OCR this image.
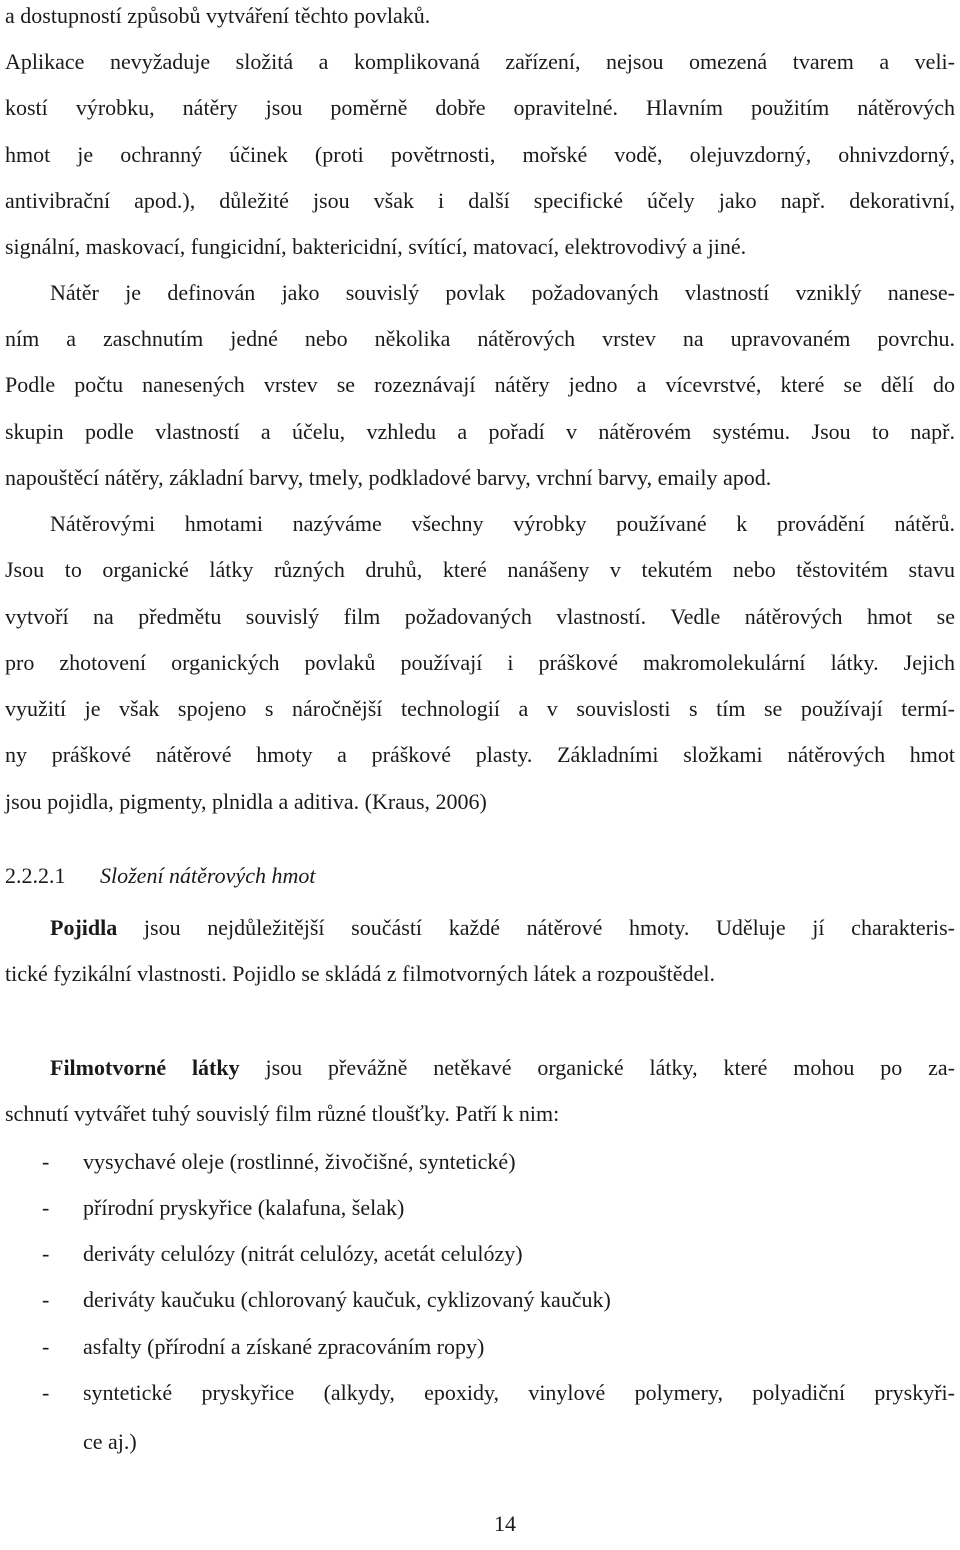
a dostupností způsobů vytváření těchto povlaků.
Aplikace nevyžaduje složitá a komplikovaná zařízení, nejsou omezená tvarem a veli-
kostí výrobku, nátěry jsou poměrně dobře opravitelné. Hlavním použitím nátěrových
hmot je ochranný účinek (proti povětrnosti, mořské vodě, olejuvzdorný, ohnivzdorný,
antivibrační apod.), důležité jsou však i další specifické účely jako např. dekorativní,
signální, maskovací, fungicidní, baktericidní, svítící, matovací, elektrovodivý a jiné.
Nátěr je definován jako souvislý povlak požadovaných vlastností vzniklý nanese-
ním a zaschnutím jedné nebo několika nátěrových vrstev na upravovaném povrchu.
Podle počtu nanesených vrstev se rozeznávají nátěry jedno a vícevrstvé, které se dělí do
skupin podle vlastností a účelu, vzhledu a pořadí v nátěrovém systému. Jsou to např.
napouštěcí nátěry, základní barvy, tmely, podkladové barvy, vrchní barvy, emaily apod.
Nátěrovými hmotami nazýváme všechny výrobky používané k provádění nátěrů.
Jsou to organické látky různých druhů, které nanášeny v tekutém nebo těstovitém stavu
vytvoří na předmětu souvislý film požadovaných vlastností. Vedle nátěrových hmot se
pro zhotovení organických povlaků používají i práškové makromolekulární látky. Jejich
využití je však spojeno s náročnější technologií a v souvislosti s tím se používají termí-
ny práškové nátěrové hmoty a práškové plasty. Základními složkami nátěrových hmot
jsou pojidla, pigmenty, plnidla a aditiva. (Kraus, 2006)
2.2.2.1 Složení nátěrových hmot
Pojidla jsou nejdůležitější součástí každé nátěrové hmoty. Uděluje jí charakteris-
tické fyzikální vlastnosti. Pojidlo se skládá z filmotvorných látek a rozpouštědel.
Filmotvorné látky jsou převážně netěkavé organické látky, které mohou po za-
schnutí vytvářet tuhý souvislý film různé tloušťky. Patří k nim:
- vysychavé oleje (rostlinné, živočišné, syntetické)
- přírodní pryskyřice (kalafuna, šelak)
- deriváty celulózy (nitrát celulózy, acetát celulózy)
- deriváty kaučuku (chlorovaný kaučuk, cyklizovaný kaučuk)
- asfalty (přírodní a získané zpracováním ropy)
- syntetické pryskyřice (alkydy, epoxidy, vinylové polymery, polyadiční pryskyři-
ce aj.)
14
